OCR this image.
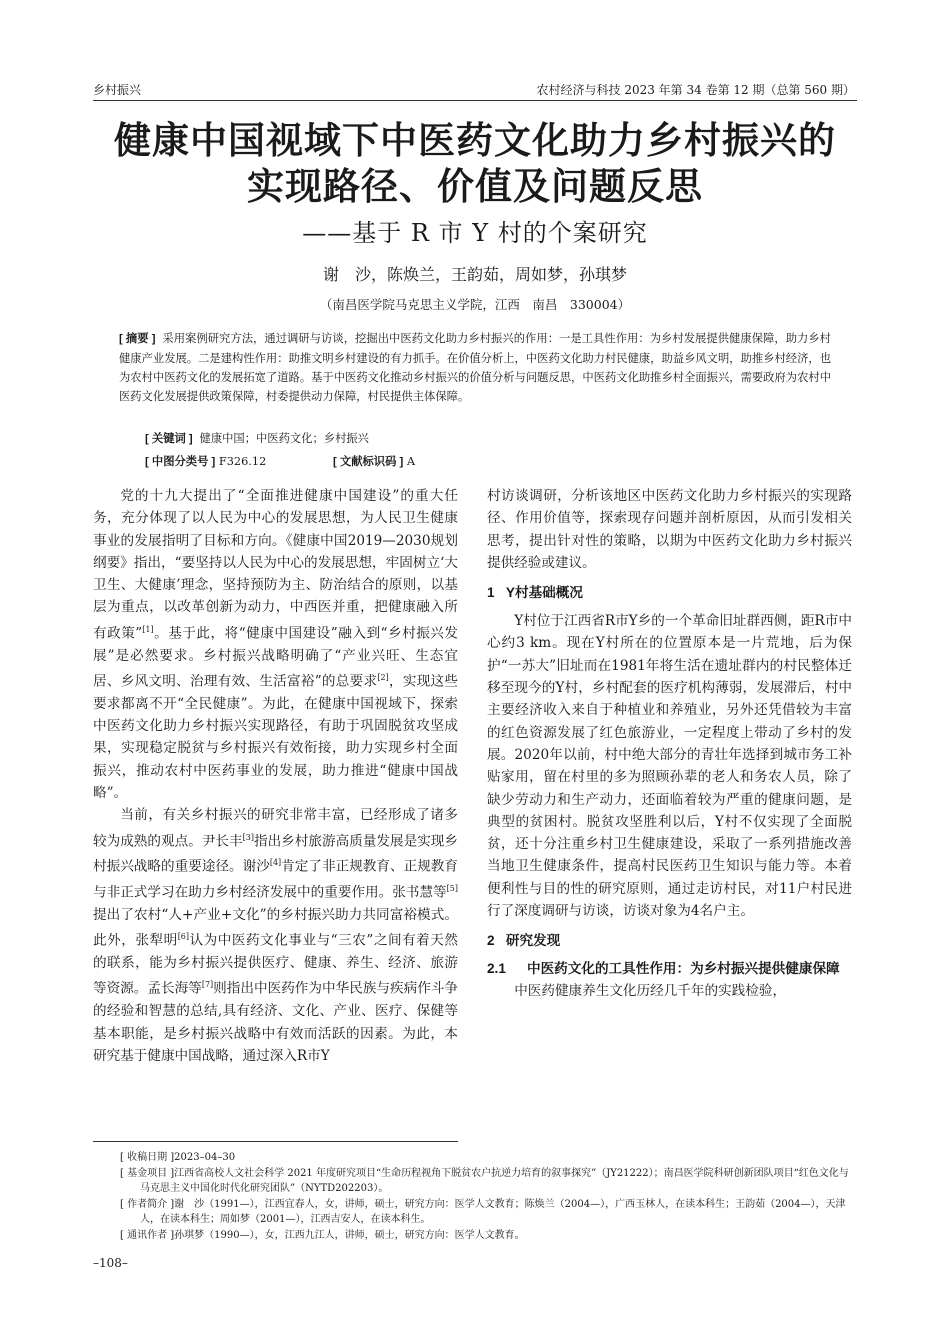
乡村振兴	农村经济与科技 2023 年第 34 卷第 12 期（总第 560 期）
健康中国视域下中医药文化助力乡村振兴的
实现路径、价值及问题反思
——基于 R 市 Y 村的个案研究
谢　沙，陈焕兰，王韵茹，周如梦，孙琪梦
（南昌医学院马克思主义学院，江西　南昌　330004）
[ 摘要 ] 采用案例研究方法，通过调研与访谈，挖掘出中医药文化助力乡村振兴的作用：一是工具性作用：为乡村发展提供健康保障，助力乡村健康产业发展。二是建构性作用：助推文明乡村建设的有力抓手。在价值分析上，中医药文化助力村民健康，助益乡风文明，助推乡村经济，也为农村中医药文化的发展拓宽了道路。基于中医药文化推动乡村振兴的价值分析与问题反思，中医药文化助推乡村全面振兴，需要政府为农村中医药文化发展提供政策保障，村委提供动力保障，村民提供主体保障。
[ 关键词 ] 健康中国；中医药文化；乡村振兴
[ 中图分类号 ] F326.12	[ 文献标识码 ] A

党的十九大提出了“全面推进健康中国建设”的重大任务，充分体现了以人民为中心的发展思想，为人民卫生健康事业的发展指明了目标和方向。《健康中国2019—2030规划纲要》指出，“要坚持以人民为中心的发展思想，牢固树立‘大卫生、大健康’理念，坚持预防为主、防治结合的原则，以基层为重点，以改革创新为动力，中西医并重，把健康融入所有政策”[1]。基于此，将“健康中国建设”融入到“乡村振兴发展”是必然要求。乡村振兴战略明确了“产业兴旺、生态宜居、乡风文明、治理有效、生活富裕”的总要求[2]，实现这些要求都离不开“全民健康”。为此，在健康中国视域下，探索中医药文化助力乡村振兴实现路径，有助于巩固脱贫攻坚成果，实现稳定脱贫与乡村振兴有效衔接，助力实现乡村全面振兴，推动农村中医药事业的发展，助力推进“健康中国战略”。

当前，有关乡村振兴的研究非常丰富，已经形成了诸多较为成熟的观点。尹长丰[3]指出乡村旅游高质量发展是实现乡村振兴战略的重要途径。谢沙[4]肯定了非正规教育、正规教育与非正式学习在助力乡村经济发展中的重要作用。张书慧等[5]提出了农村“人+产业+文化”的乡村振兴助力共同富裕模式。此外，张犁明[6]认为中医药文化事业与“三农”之间有着天然的联系，能为乡村振兴提供医疗、健康、养生、经济、旅游等资源。孟长海等[7]则指出中医药作为中华民族与疾病作斗争的经验和智慧的总结,具有经济、文化、产业、医疗、保健等基本职能，是乡村振兴战略中有效而活跃的因素。为此，本研究基于健康中国战略，通过深入R市Y

村访谈调研，分析该地区中医药文化助力乡村振兴的实现路径、作用价值等，探索现存问题并剖析原因，从而引发相关思考，提出针对性的策略，以期为中医药文化助力乡村振兴提供经验或建议。

1 Y村基础概况

Y村位于江西省R市Y乡的一个革命旧址群西侧，距R市中心约3 km。现在Y村所在的位置原本是一片荒地，后为保护“一苏大”旧址而在1981年将生活在遗址群内的村民整体迁移至现今的Y村，乡村配套的医疗机构薄弱，发展滞后，村中主要经济收入来自于种植业和养殖业，另外还凭借较为丰富的红色资源发展了红色旅游业，一定程度上带动了乡村的发展。2020年以前，村中绝大部分的青壮年选择到城市务工补贴家用，留在村里的多为照顾孙辈的老人和务农人员，除了缺少劳动力和生产动力，还面临着较为严重的健康问题，是典型的贫困村。脱贫攻坚胜利以后，Y村不仅实现了全面脱贫，还十分注重乡村卫生健康建设，采取了一系列措施改善当地卫生健康条件，提高村民医药卫生知识与能力等。本着便利性与目的性的研究原则，通过走访村民，对11户村民进行了深度调研与访谈，访谈对象为4名户主。

2 研究发现
2.1	中医药文化的工具性作用：为乡村振兴提供健康保障

中医药健康养生文化历经几千年的实践检验，

[ 收稿日期 ]2023–04–30
[ 基金项目 ]江西省高校人文社会科学 2021 年度研究项目“生命历程视角下脱贫农户抗逆力培育的叙事探究”（JY21222）；南昌医学院科研创新团队项目“红色文化与马克思主义中国化时代化研究团队”（NYTD202203）。
[ 作者简介 ]谢　沙（1991—），江西宜春人，女，讲师，硕士，研究方向：医学人文教育；陈焕兰（2004—），广西玉林人，在读本科生；王韵茹（2004—），天津人，在读本科生；周如梦（2001—），江西吉安人，在读本科生。
[ 通讯作者 ]孙琪梦（1990—），女，江西九江人，讲师，硕士，研究方向：医学人文教育。
–108–
